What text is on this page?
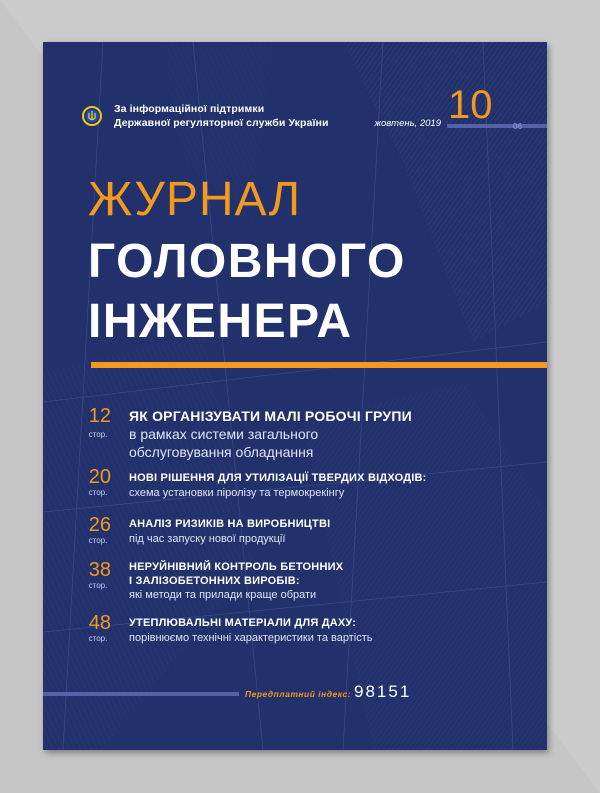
За інформаційної підтримки
Державної регуляторної служби України	жовтень, 2019 10	06
ЖУРНАЛ
ГОЛОВНОГО
ІНЖЕНЕРА
12
стор.
ЯК ОРГАНІЗУВАТИ МАЛІ РОБОЧІ ГРУПИ
в рамках системи загального
обслуговування обладнання
20
стор.
НОВІ РІШЕННЯ ДЛЯ УТИЛІЗАЦІЇ ТВЕРДИХ ВІДХОДІВ:
схема установки піролізу та термокрекінгу
26
стор.
АНАЛІЗ РИЗИКІВ НА ВИРОБНИЦТВІ
під час запуску нової продукції
38
стор.
НЕРУЙНІВНИЙ КОНТРОЛЬ БЕТОННИХ
І ЗАЛІЗОБЕТОННИХ ВИРОБІВ:
які методи та прилади краще обрати
48
стор.
УТЕПЛЮВАЛЬНІ МАТЕРІАЛИ ДЛЯ ДАХУ:
порівнюємо технічні характеристики та вартість
Передплатний індекс: 98151
